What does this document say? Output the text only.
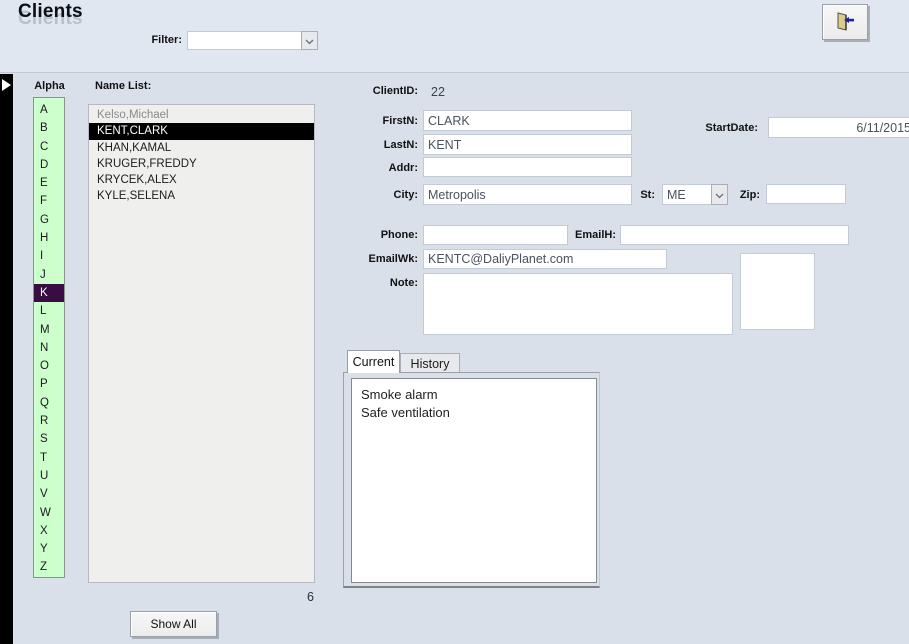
Clients
Filter:
Alpha	Name List:
A
B
C
D
E
F
G
H
I
J
K
L
M
N
O
P
Q
R
S
T
U
V
W
X
Y
Z
Kelso,Michael
KENT,CLARK
KHAN,KAMAL
KRUGER,FREDDY
KRYCEK,ALEX
KYLE,SELENA
6
Show All
ClientID: 22
FirstN:
CLARK
LastN:
KENT
Addr:
City:
Metropolis	St:
ME	Zip:
StartDate:
6/11/2015
Phone:	EmailH:
EmailWk:
KENTC@DaliyPlanet.com
Note:
Current	History
Smoke alarm
Safe ventilation
